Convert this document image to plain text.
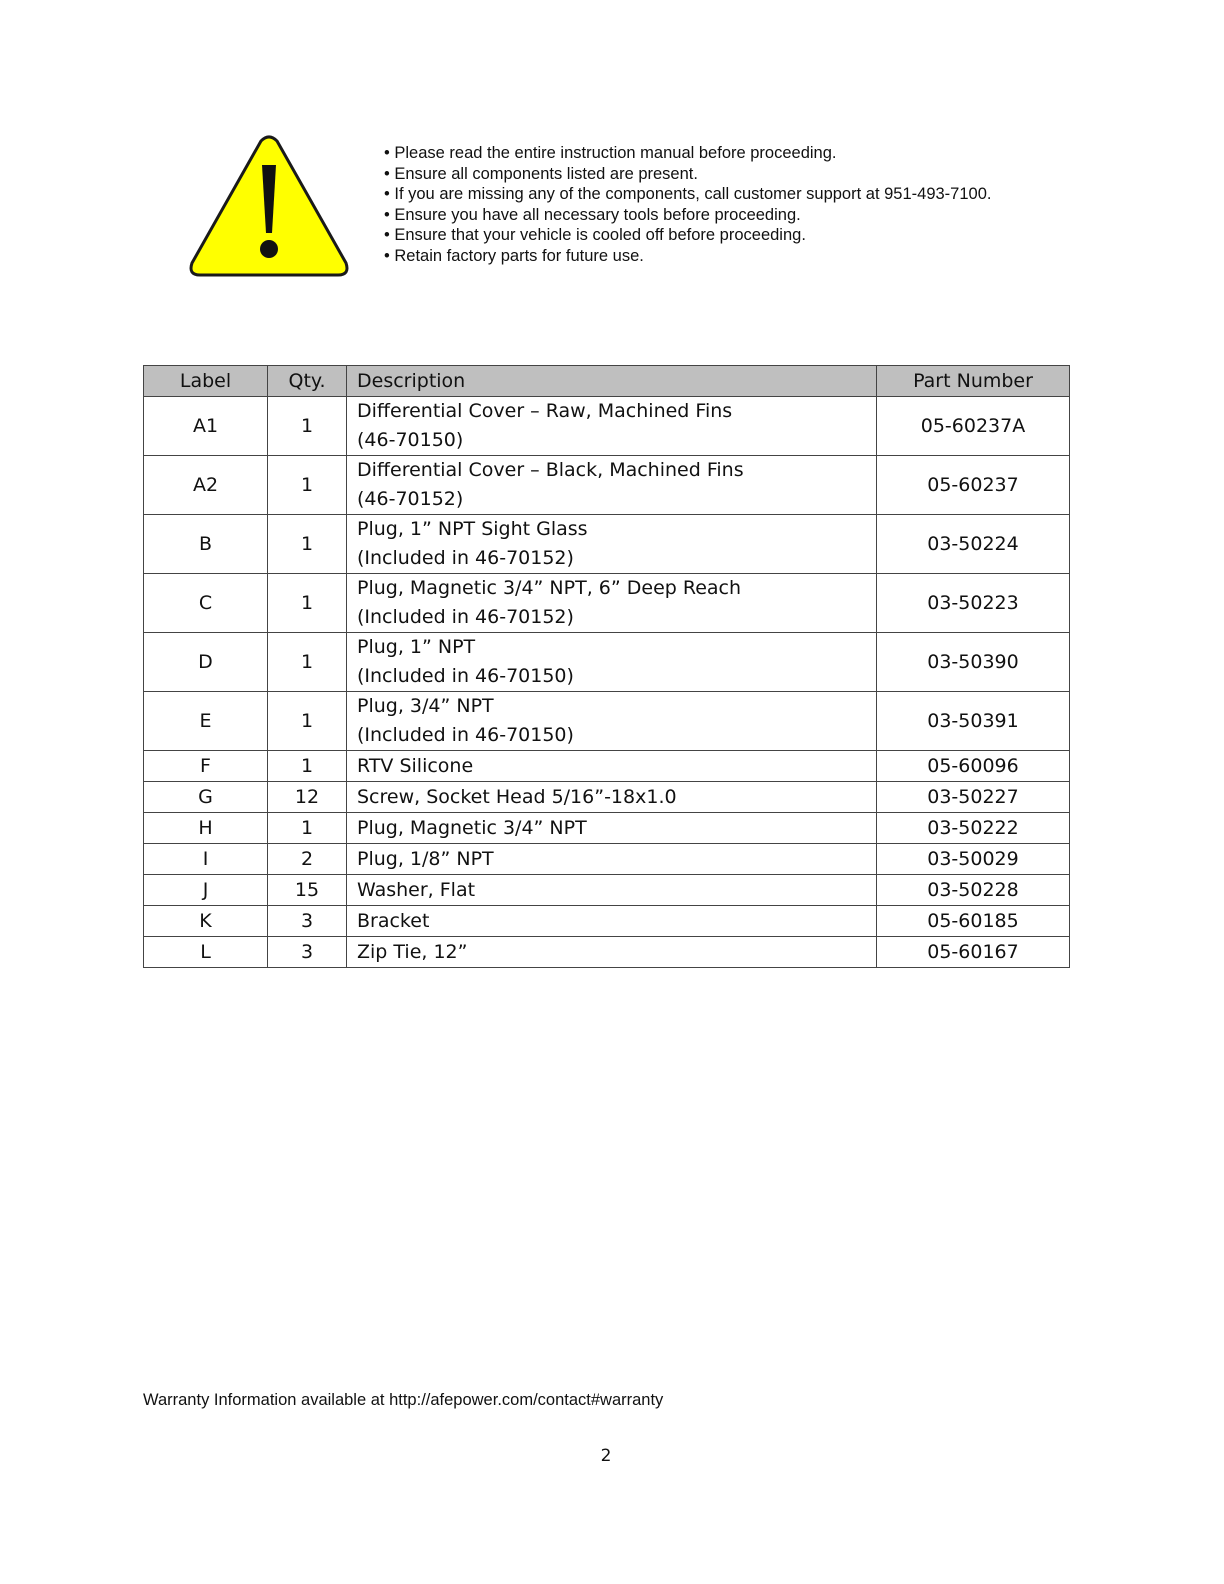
• Please read the entire instruction manual before proceeding.
• Ensure all components listed are present.
• If you are missing any of the components, call customer support at 951-493-7100.
• Ensure you have all necessary tools before proceeding.
• Ensure that your vehicle is cooled off before proceeding.
• Retain factory parts for future use.
Label	Qty.	Description	Part Number
A1	1	Differential Cover – Raw, Machined Fins
(46-70150)	05-60237A
A2	1	Differential Cover – Black, Machined Fins
(46-70152)	05-60237
B	1	Plug, 1” NPT Sight Glass
(Included in 46-70152)	03-50224
C	1	Plug, Magnetic 3/4” NPT, 6” Deep Reach
(Included in 46-70152)	03-50223
D	1	Plug, 1” NPT
(Included in 46-70150)	03-50390
E	1	Plug, 3/4” NPT
(Included in 46-70150)	03-50391
F	1	RTV Silicone	05-60096
G	12	Screw, Socket Head 5/16”-18x1.0	03-50227
H	1	Plug, Magnetic 3/4” NPT	03-50222
I	2	Plug, 1/8” NPT	03-50029
J	15	Washer, Flat	03-50228
K	3	Bracket	05-60185
L	3	Zip Tie, 12”	05-60167
Warranty Information available at http://afepower.com/contact#warranty
2
